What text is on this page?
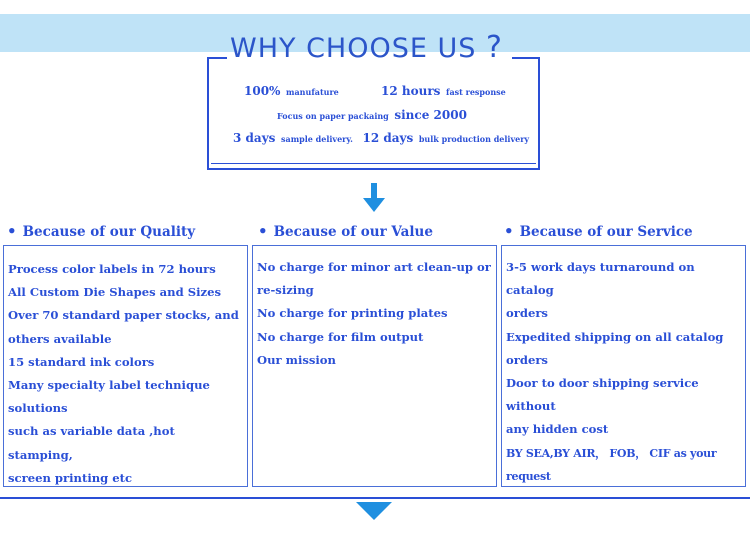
WHY CHOOSE US ?
100% manufature	12 hours fast response
Focus on paper packaing since 2000
3 days sample delivery. 12 days bulk production delivery
• Because of our Quality	• Because of our Value	• Because of our Service
Process color labels in 72 hours
All Custom Die Shapes and Sizes
Over 70 standard paper stocks, and
others available
15 standard ink colors
Many specialty label technique solutions
such as variable data ,hot stamping,
screen printing etc
No charge for minor art clean-up or
re-sizing
No charge for printing plates
No charge for film output
Our mission
3-5 work days turnaround on catalog
orders
Expedited shipping on all catalog orders
Door to door shipping service without
any hidden cost
BY SEA,BY AIR， FOB， CIF as your request
